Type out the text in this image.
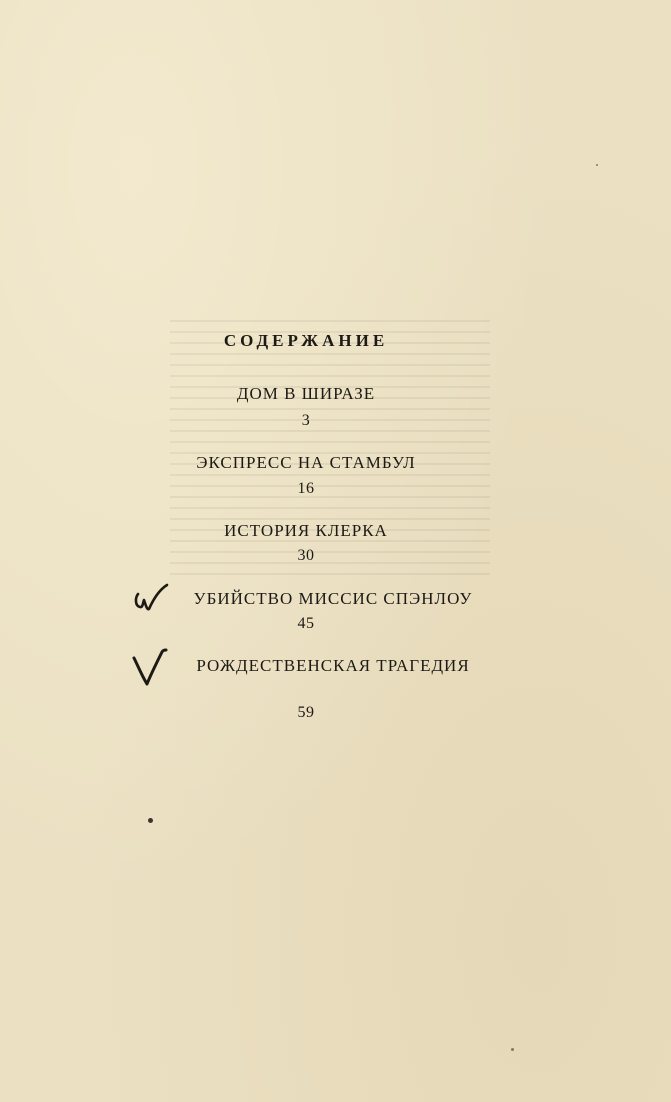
СОДЕРЖАНИЕ
ДОМ В ШИРАЗЕ
3
ЭКСПРЕСС НА СТАМБУЛ
16
ИСТОРИЯ КЛЕРКА
30
УБИЙСТВО МИССИС СПЭНЛОУ
45
РОЖДЕСТВЕНСКАЯ ТРАГЕДИЯ
59
